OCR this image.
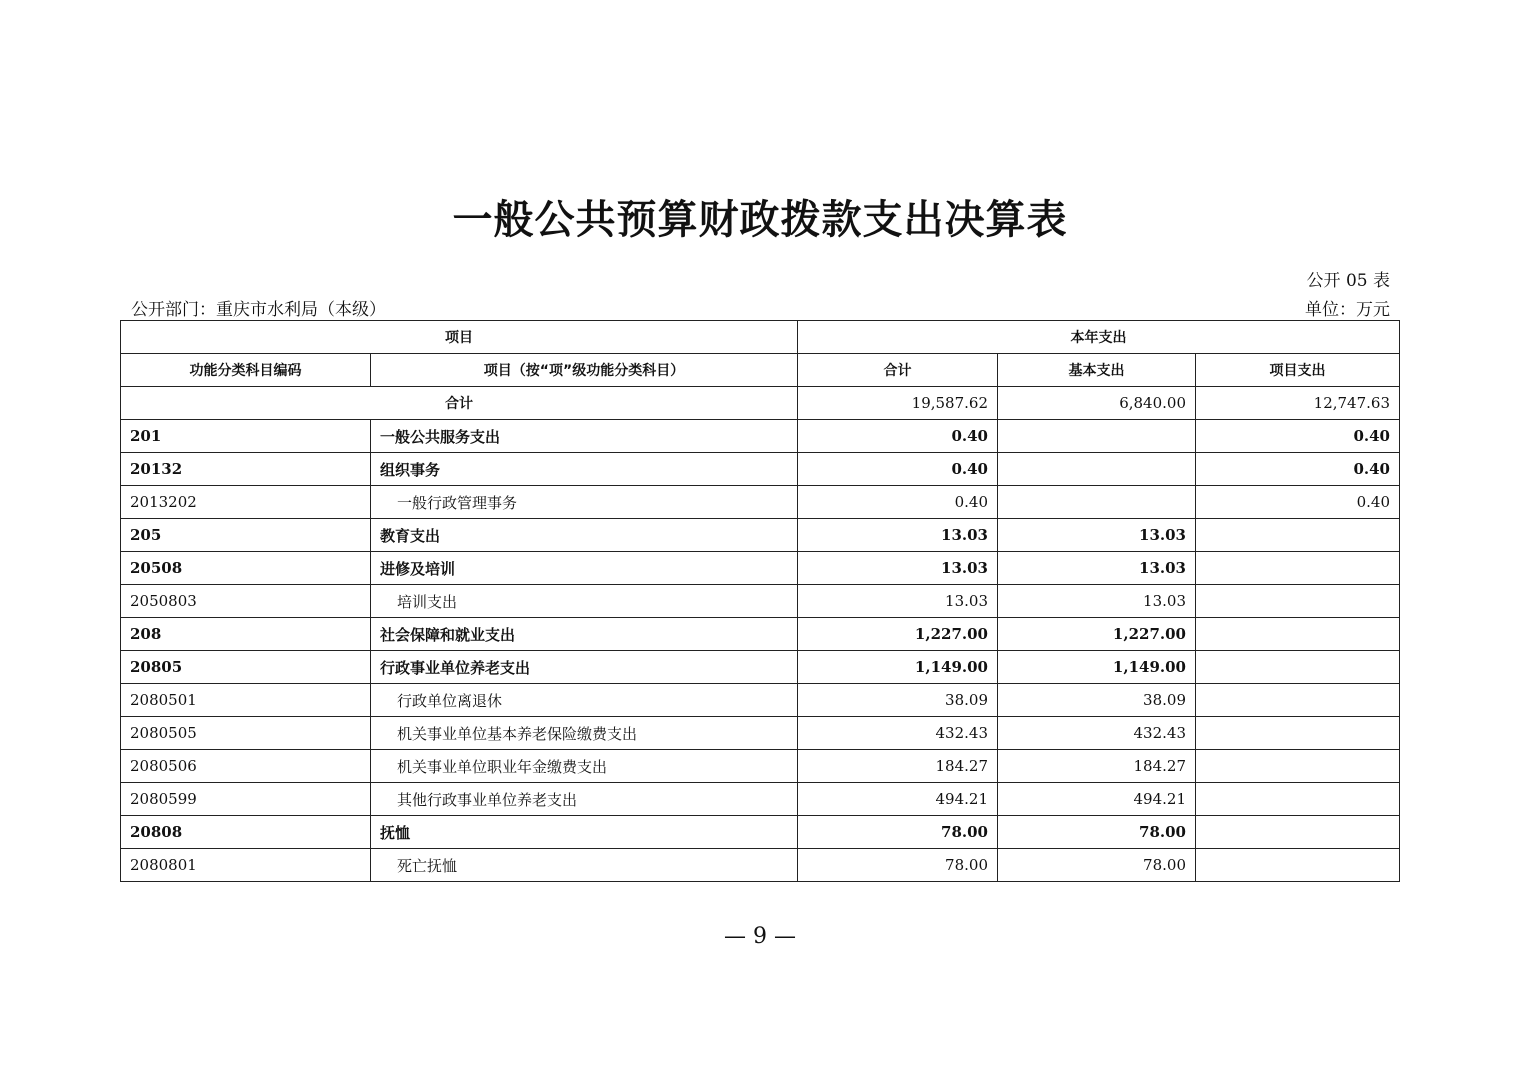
一般公共预算财政拨款支出决算表
公开 05 表
公开部门：重庆市水利局（本级）	单位：万元
项目		本年支出		
功能分类科目编码	项目（按“项”级功能分类科目）	合计	基本支出	项目支出
合计		19,587.62	6,840.00	12,747.63
201	一般公共服务支出	0.40		0.40
20132	组织事务	0.40		0.40
2013202	一般行政管理事务	0.40		0.40
205	教育支出	13.03	13.03	
20508	进修及培训	13.03	13.03	
2050803	培训支出	13.03	13.03	
208	社会保障和就业支出	1,227.00	1,227.00	
20805	行政事业单位养老支出	1,149.00	1,149.00	
2080501	行政单位离退休	38.09	38.09	
2080505	机关事业单位基本养老保险缴费支出	432.43	432.43	
2080506	机关事业单位职业年金缴费支出	184.27	184.27	
2080599	其他行政事业单位养老支出	494.21	494.21	
20808	抚恤	78.00	78.00	
2080801	死亡抚恤	78.00	78.00	
— 9 —
